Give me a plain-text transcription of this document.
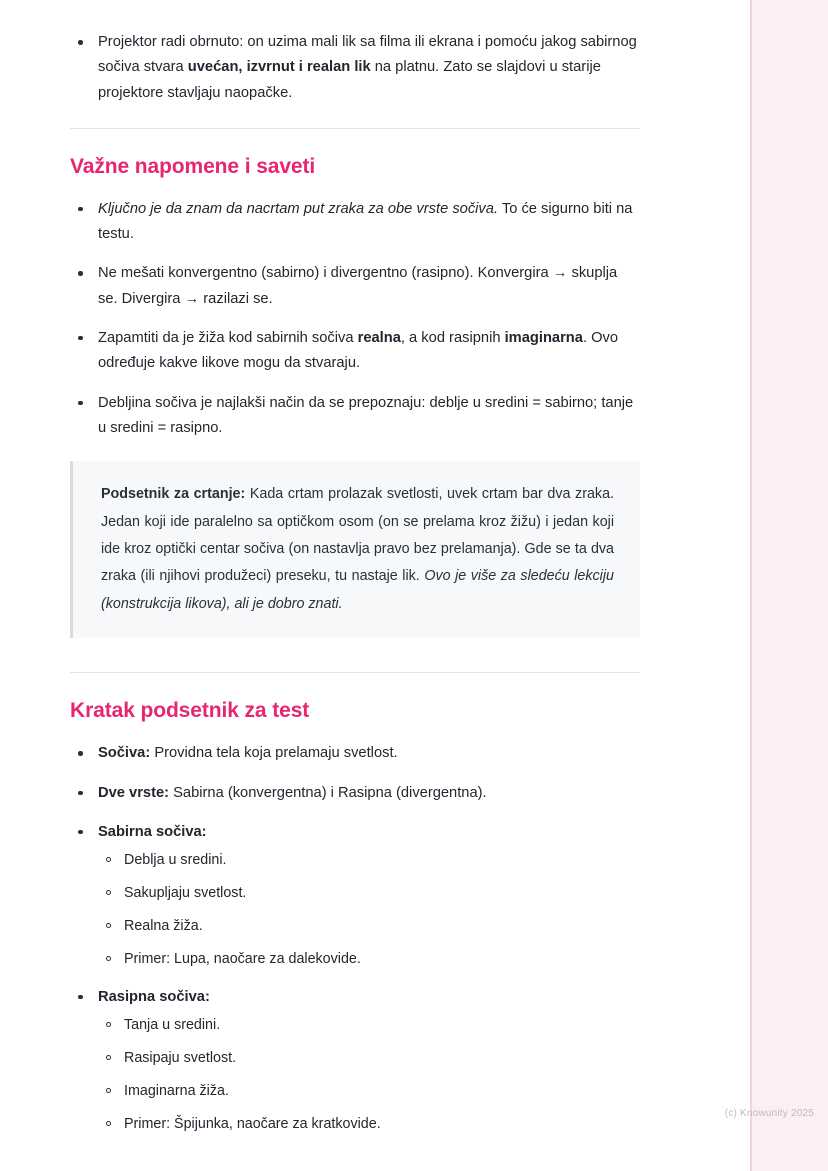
Projektor radi obrnuto: on uzima mali lik sa filma ili ekrana i pomoću jakog sabirnog sočiva stvara uvećan, izvrnut i realan lik na platnu. Zato se slajdovi u starije projektore stavljaju naopačke.
Važne napomene i saveti
Ključno je da znam da nacrtam put zraka za obe vrste sočiva. To će sigurno biti na testu.
Ne mešati konvergentno (sabirno) i divergentno (rasipno). Konvergira → skuplja se. Divergira → razilazi se.
Zapamtiti da je žiža kod sabirnih sočiva realna, a kod rasipnih imaginarna. Ovo određuje kakve likove mogu da stvaraju.
Debljina sočiva je najlakši način da se prepoznaju: deblje u sredini = sabirno; tanje u sredini = rasipno.
Podsetnik za crtanje: Kada crtam prolazak svetlosti, uvek crtam bar dva zraka. Jedan koji ide paralelno sa optičkom osom (on se prelama kroz žižu) i jedan koji ide kroz optički centar sočiva (on nastavlja pravo bez prelamanja). Gde se ta dva zraka (ili njihovi produžeci) preseku, tu nastaje lik. Ovo je više za sledeću lekciju (konstrukcija likova), ali je dobro znati.
Kratak podsetnik za test
Sočiva: Providna tela koja prelamaju svetlost.
Dve vrste: Sabirna (konvergentna) i Rasipna (divergentna).
Sabirna sočiva:
Deblja u sredini.
Sakupljaju svetlost.
Realna žiža.
Primer: Lupa, naočare za dalekovide.
Rasipna sočiva:
Tanja u sredini.
Rasipaju svetlost.
Imaginarna žiža.
Primer: Špijunka, naočare za kratkovide.
(c) Knowunity 2025
